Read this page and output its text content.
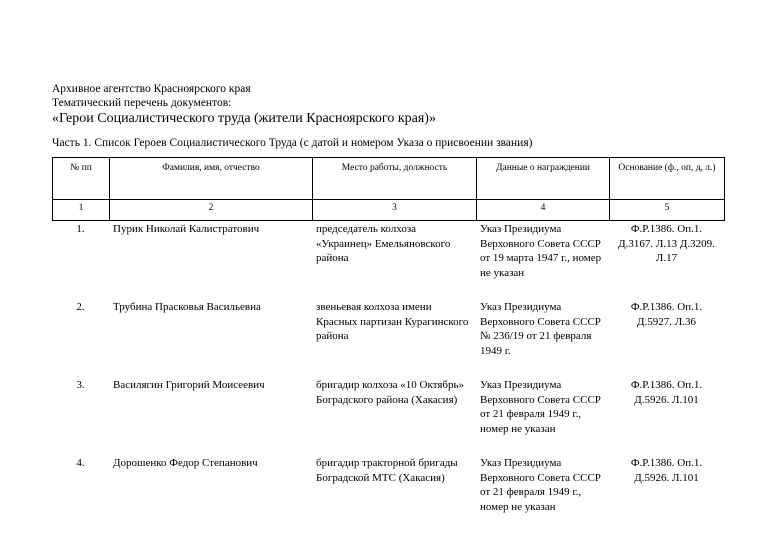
Архивное агентство Красноярского края
Тематический перечень документов:
«Герои Социалистического труда (жители Красноярского края)»
Часть 1. Список Героев Социалистического Труда (с датой и номером Указа о присвоении звания)
№ пп	Фамилия, имя, отчество	Место работы, должность	Данные о награждении	Основание (ф., оп, д, л.)
1	2	3	4	5
1.	Пурик Николай Калистратович	председатель колхоза «Украинец» Емельяновского района	Указ Президиума Верховного Совета СССР от 19 марта 1947 г., номер не указан	Ф.Р.1386. Оп.1. Д.3167. Л.13 Д.3209. Л.17
2.	Трубина Прасковья Васильевна	звеньевая колхоза имени Красных партизан Курагинского района	Указ Президиума Верховного Совета СССР № 236/19 от 21 февраля 1949 г.	Ф.Р.1386. Оп.1. Д.5927. Л.36
3.	Василягин Григорий Моисеевич	бригадир колхоза «10 Октябрь» Боградского района (Хакасия)	Указ Президиума Верховного Совета СССР от 21 февраля 1949 г., номер не указан	Ф.Р.1386. Оп.1. Д.5926. Л.101
4.	Дорошенко Федор Степанович	бригадир тракторной бригады Боградской МТС (Хакасия)	Указ Президиума Верховного Совета СССР от 21 февраля 1949 г., номер не указан	Ф.Р.1386. Оп.1. Д.5926. Л.101
